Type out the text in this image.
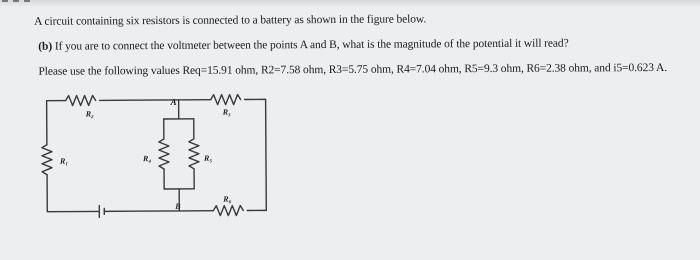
A circuit containing six resistors is connected to a battery as shown in the figure below.
(b) If you are to connect the voltmeter between the points A and B, what is the magnitude of the potential it will read?
Please use the following values Req=15.91 ohm, R2=7.58 ohm, R3=5.75 ohm, R4=7.04 ohm, R5=9.3 ohm, R6=2.38 ohm, and i5=0.623 A.
R₂	R₃
R₁	R₄	R₅
R₆
A
B
